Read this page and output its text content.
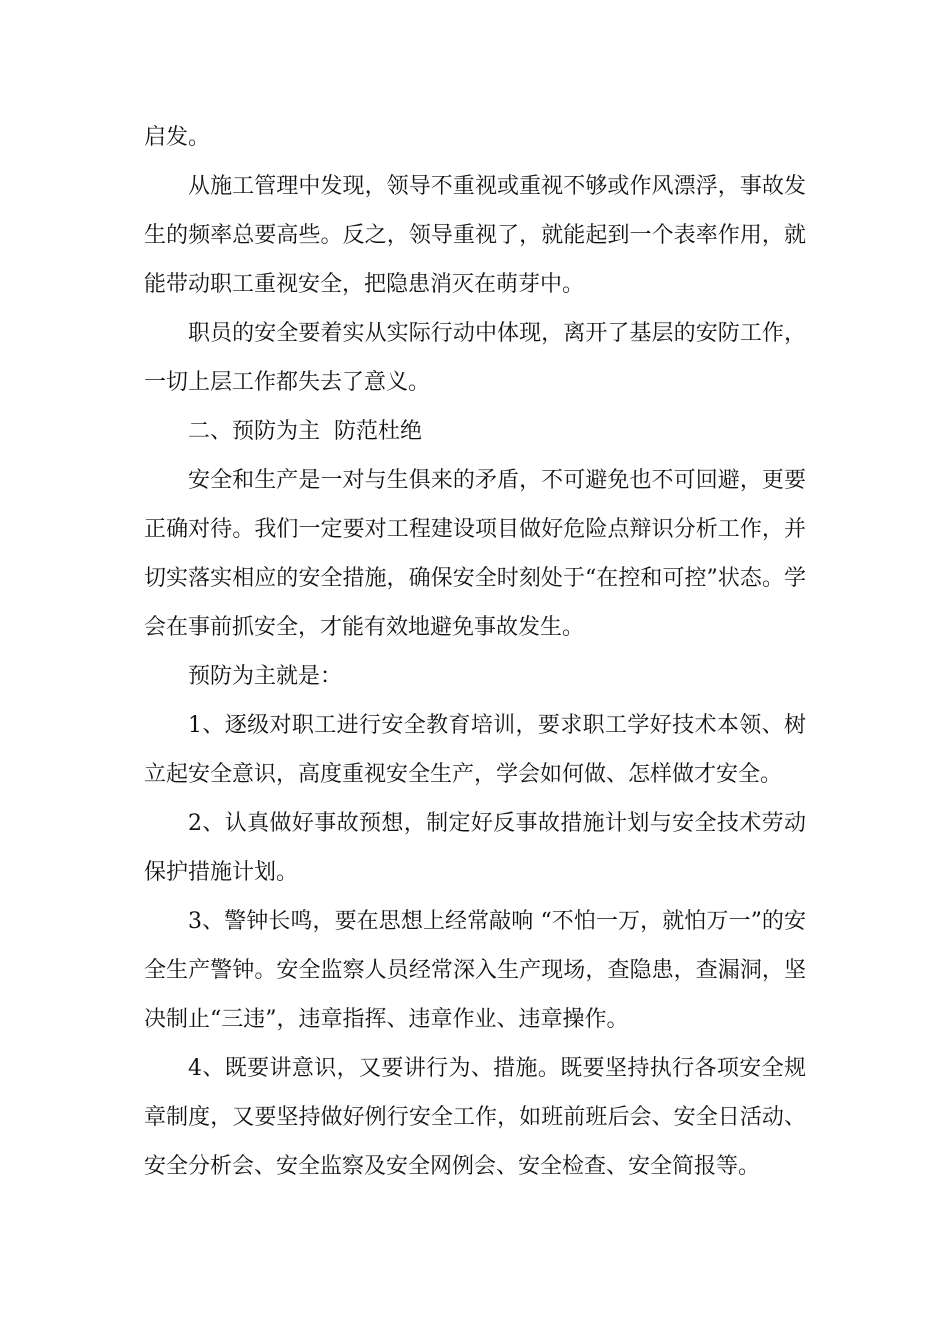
启发。

从施工管理中发现，领导不重视或重视不够或作风漂浮，事故发生的频率总要高些。反之，领导重视了，就能起到一个表率作用，就能带动职工重视安全，把隐患消灭在萌芽中。

职员的安全要着实从实际行动中体现，离开了基层的安防工作，一切上层工作都失去了意义。

二、预防为主  防范杜绝

安全和生产是一对与生俱来的矛盾，不可避免也不可回避，更要正确对待。我们一定要对工程建设项目做好危险点辩识分析工作，并切实落实相应的安全措施，确保安全时刻处于“在控和可控”状态。学会在事前抓安全，才能有效地避免事故发生。

预防为主就是：

1、逐级对职工进行安全教育培训，要求职工学好技术本领、树立起安全意识，高度重视安全生产，学会如何做、怎样做才安全。

2、认真做好事故预想，制定好反事故措施计划与安全技术劳动保护措施计划。

3、警钟长鸣，要在思想上经常敲响 “不怕一万，就怕万一”的安全生产警钟。安全监察人员经常深入生产现场，查隐患，查漏洞，坚决制止“三违”，违章指挥、违章作业、违章操作。

4、既要讲意识，又要讲行为、措施。既要坚持执行各项安全规章制度，又要坚持做好例行安全工作，如班前班后会、安全日活动、安全分析会、安全监察及安全网例会、安全检查、安全简报等。
